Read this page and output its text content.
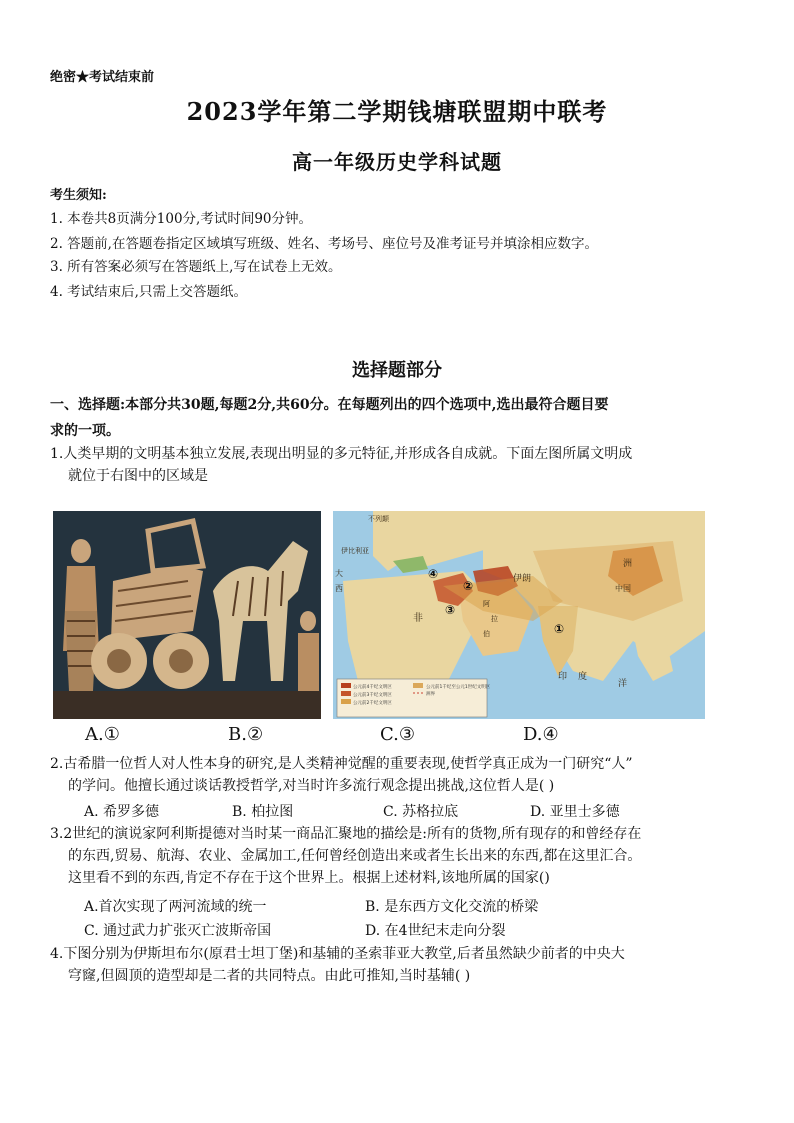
绝密★考试结束前
2023学年第二学期钱塘联盟期中联考
高一年级历史学科试题
考生须知:
1. 本卷共8页满分100分,考试时间90分钟。
2. 答题前,在答题卷指定区域填写班级、姓名、考场号、座位号及准考证号并填涂相应数字。
3. 所有答案必须写在答题纸上,写在试卷上无效。
4. 考试结束后,只需上交答题纸。
选择题部分
一、选择题:本部分共30题,每题2分,共60分。在每题列出的四个选项中,选出最符合题目要
求的一项。
1.人类早期的文明基本独立发展,表现出明显的多元特征,并形成各自成就。下面左图所属文明成
就位于右图中的区域是
公元前4千纪文明区
公元前3千纪文明区
公元前2千纪文明区
公元前1千纪至公元1世纪文明区
洲界
不列颠
伊比利亚
非
伊朗
阿
拉
伯
中国
印 度
洲
洋
大
西
①
②
③
④
A.①	B.②	C.③	D.④
2.古希腊一位哲人对人性本身的研究,是人类精神觉醒的重要表现,使哲学真正成为一门研究“人”
的学问。他擅长通过谈话教授哲学,对当时许多流行观念提出挑战,这位哲人是( )
A. 希罗多德	B. 柏拉图	C. 苏格拉底	D. 亚里士多德
3.2世纪的演说家阿利斯提德对当时某一商品汇聚地的描绘是:所有的货物,所有现存的和曾经存在
的东西,贸易、航海、农业、金属加工,任何曾经创造出来或者生长出来的东西,都在这里汇合。
这里看不到的东西,肯定不存在于这个世界上。根据上述材料,该地所属的国家()
A.首次实现了两河流域的统一	B. 是东西方文化交流的桥梁
C. 通过武力扩张灭亡波斯帝国	D. 在4世纪末走向分裂
4.下图分别为伊斯坦布尔(原君士坦丁堡)和基辅的圣索菲亚大教堂,后者虽然缺少前者的中央大
穹窿,但圆顶的造型却是二者的共同特点。由此可推知,当时基辅( )
